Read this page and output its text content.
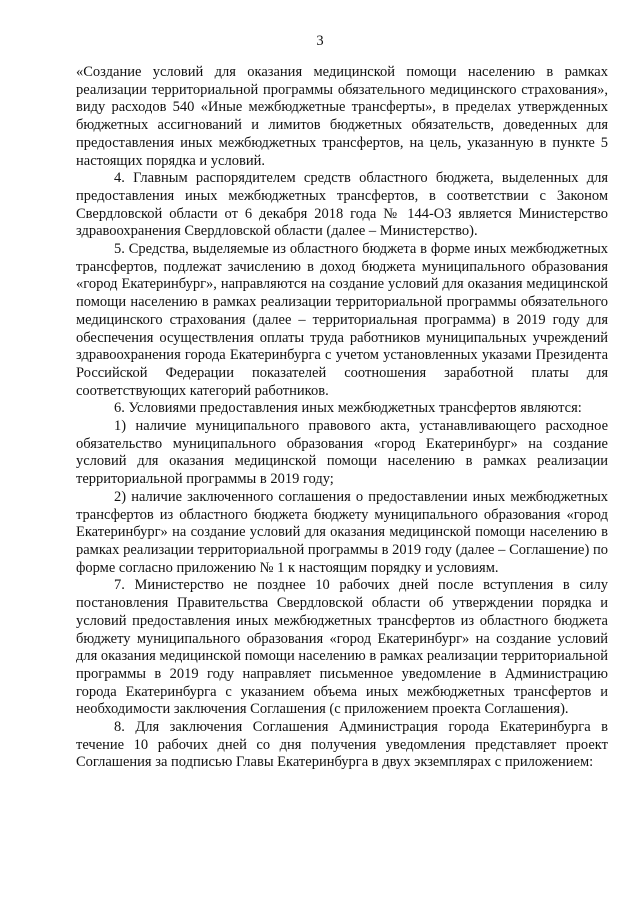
3

«Создание условий для оказания медицинской помощи населению в рамках реализации территориальной программы обязательного медицинского страхования», виду расходов 540 «Иные межбюджетные трансферты», в пределах утвержденных бюджетных ассигнований и лимитов бюджетных обязательств, доведенных для предоставления иных межбюджетных трансфертов, на цель, указанную в пункте 5 настоящих порядка и условий.

4. Главным распорядителем средств областного бюджета, выделенных для предоставления иных межбюджетных трансфертов, в соответствии с Законом Свердловской области от 6 декабря 2018 года № 144-ОЗ является Министерство здравоохранения Свердловской области (далее – Министерство).

5. Средства, выделяемые из областного бюджета в форме иных межбюджетных трансфертов, подлежат зачислению в доход бюджета муниципального образования «город Екатеринбург», направляются на создание условий для оказания медицинской помощи населению в рамках реализации территориальной программы обязательного медицинского страхования (далее – территориальная программа) в 2019 году для обеспечения осуществления оплаты труда работников муниципальных учреждений здравоохранения города Екатеринбурга с учетом установленных указами Президента Российской Федерации показателей соотношения заработной платы для соответствующих категорий работников.

6. Условиями предоставления иных межбюджетных трансфертов являются:

1) наличие муниципального правового акта, устанавливающего расходное обязательство муниципального образования «город Екатеринбург» на создание условий для оказания медицинской помощи населению в рамках реализации территориальной программы в 2019 году;

2) наличие заключенного соглашения о предоставлении иных межбюджетных трансфертов из областного бюджета бюджету муниципального образования «город Екатеринбург» на создание условий для оказания медицинской помощи населению в рамках реализации территориальной программы в 2019 году (далее – Соглашение) по форме согласно приложению № 1 к настоящим порядку и условиям.

7. Министерство не позднее 10 рабочих дней после вступления в силу постановления Правительства Свердловской области об утверждении порядка и условий предоставления иных межбюджетных трансфертов из областного бюджета бюджету муниципального образования «город Екатеринбург» на создание условий для оказания медицинской помощи населению в рамках реализации территориальной программы в 2019 году направляет письменное уведомление в Администрацию города Екатеринбурга с указанием объема иных межбюджетных трансфертов и необходимости заключения Соглашения (с приложением проекта Соглашения).

8. Для заключения Соглашения Администрация города Екатеринбурга в течение 10 рабочих дней со дня получения уведомления представляет проект Соглашения за подписью Главы Екатеринбурга в двух экземплярах с приложением:
